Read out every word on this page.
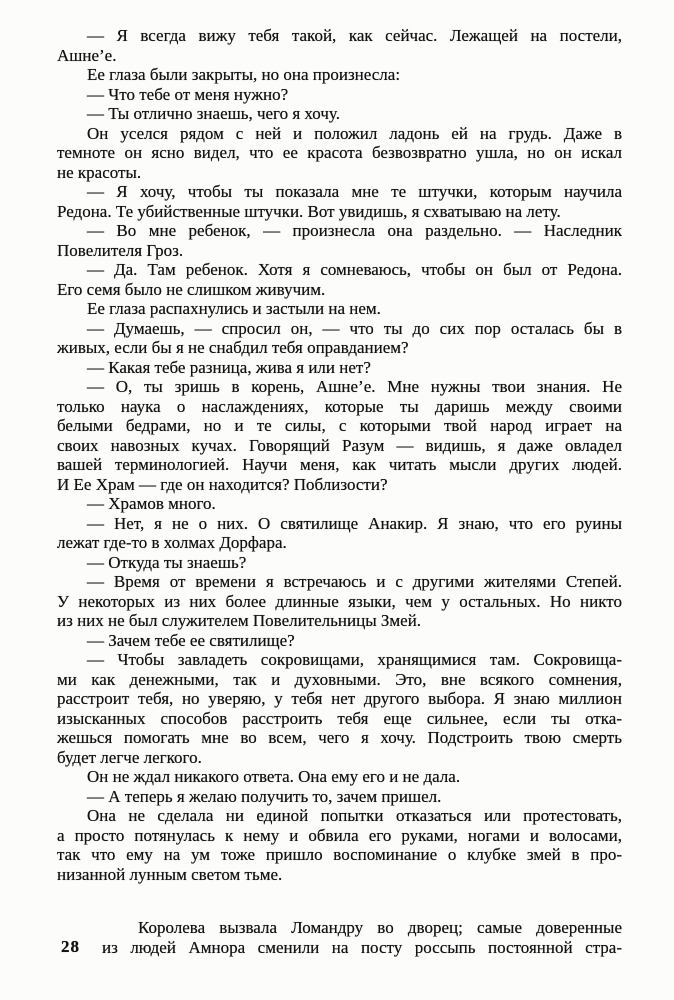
— Я всегда вижу тебя такой, как сейчас. Лежащей на постели,
Ашне’е.
Ее глаза были закрыты, но она произнесла:
— Что тебе от меня нужно?
— Ты отлично знаешь, чего я хочу.
Он уселся рядом с ней и положил ладонь ей на грудь. Даже в
темноте он ясно видел, что ее красота безвозвратно ушла, но он искал
не красоты.
— Я хочу, чтобы ты показала мне те штучки, которым научила
Редона. Те убийственные штучки. Вот увидишь, я схватываю на лету.
— Во мне ребенок, — произнесла она раздельно. — Наследник
Повелителя Гроз.
— Да. Там ребенок. Хотя я сомневаюсь, чтобы он был от Редона.
Его семя было не слишком живучим.
Ее глаза распахнулись и застыли на нем.
— Думаешь, — спросил он, — что ты до сих пор осталась бы в
живых, если бы я не снабдил тебя оправданием?
— Какая тебе разница, жива я или нет?
— О, ты зришь в корень, Ашне’е. Мне нужны твои знания. Не
только наука о наслаждениях, которые ты даришь между своими
белыми бедрами, но и те силы, с которыми твой народ играет на
своих навозных кучах. Говорящий Разум — видишь, я даже овладел
вашей терминологией. Научи меня, как читать мысли других людей.
И Ее Храм — где он находится? Поблизости?
— Храмов много.
— Нет, я не о них. О святилище Анакир. Я знаю, что его руины
лежат где-то в холмах Дорфара.
— Откуда ты знаешь?
— Время от времени я встречаюсь и с другими жителями Степей.
У некоторых из них более длинные языки, чем у остальных. Но никто
из них не был служителем Повелительницы Змей.
— Зачем тебе ее святилище?
— Чтобы завладеть сокровищами, хранящимися там. Сокровища-
ми как денежными, так и духовными. Это, вне всякого сомнения,
расстроит тебя, но уверяю, у тебя нет другого выбора. Я знаю миллион
изысканных способов расстроить тебя еще сильнее, если ты отка-
жешься помогать мне во всем, чего я хочу. Подстроить твою смерть
будет легче легкого.
Он не ждал никакого ответа. Она ему его и не дала.
— А теперь я желаю получить то, зачем пришел.
Она не сделала ни единой попытки отказаться или протестовать,
а просто потянулась к нему и обвила его руками, ногами и волосами,
так что ему на ум тоже пришло воспоминание о клубке змей в про-
низанной лунным светом тьме.
Королева вызвала Ломандру во дворец; самые доверенные
из людей Амнора сменили на посту россыпь постоянной стра-
28
